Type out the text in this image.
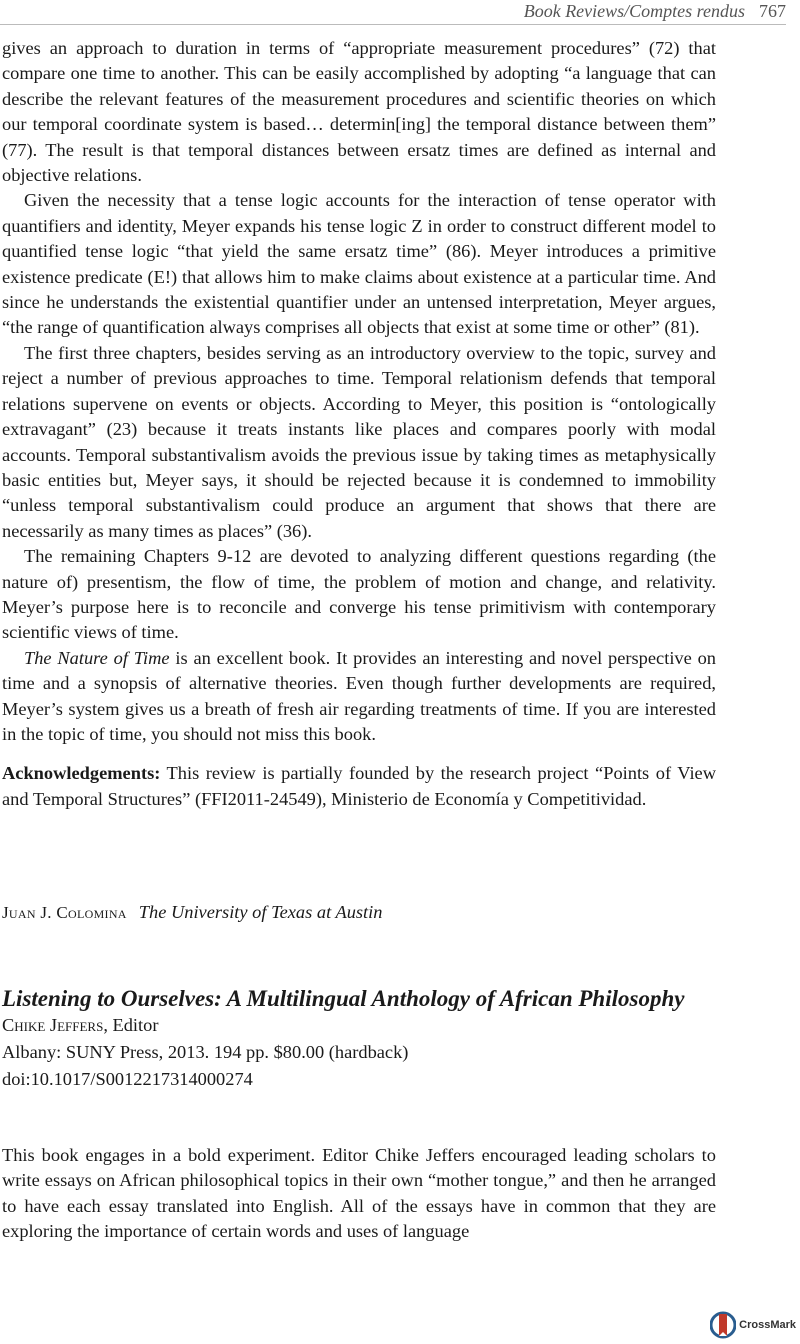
Book Reviews/Comptes rendus 767

gives an approach to duration in terms of “appropriate measurement procedures” (72) that compare one time to another. This can be easily accomplished by adopting “a language that can describe the relevant features of the measurement procedures and scientific theories on which our temporal coordinate system is based… determin[ing] the temporal distance between them” (77). The result is that temporal distances between ersatz times are defined as internal and objective relations.

Given the necessity that a tense logic accounts for the interaction of tense operator with quantifiers and identity, Meyer expands his tense logic Z in order to construct different model to quantified tense logic “that yield the same ersatz time” (86). Meyer introduces a primitive existence predicate (E!) that allows him to make claims about existence at a particular time. And since he understands the existential quantifier under an untensed interpretation, Meyer argues, “the range of quantification always comprises all objects that exist at some time or other” (81).

The first three chapters, besides serving as an introductory overview to the topic, survey and reject a number of previous approaches to time. Temporal relationism defends that temporal relations supervene on events or objects. According to Meyer, this position is “ontologically extravagant” (23) because it treats instants like places and compares poorly with modal accounts. Temporal substantivalism avoids the previous issue by taking times as metaphysically basic entities but, Meyer says, it should be rejected because it is condemned to immobility “unless temporal substantivalism could produce an argument that shows that there are necessarily as many times as places” (36).

The remaining Chapters 9-12 are devoted to analyzing different questions regarding (the nature of) presentism, the flow of time, the problem of motion and change, and relativity. Meyer’s purpose here is to reconcile and converge his tense primitivism with contemporary scientific views of time.

The Nature of Time is an excellent book. It provides an interesting and novel perspective on time and a synopsis of alternative theories. Even though further developments are required, Meyer’s system gives us a breath of fresh air regarding treatments of time. If you are interested in the topic of time, you should not miss this book.

Acknowledgements: This review is partially founded by the research project “Points of View and Temporal Structures” (FFI2011-24549), Ministerio de Economía y Competitividad.

Juan J. Colomina The University of Texas at Austin

Listening to Ourselves: A Multilingual Anthology of African Philosophy

Chike Jeffers, Editor

Albany: SUNY Press, 2013. 194 pp. $80.00 (hardback)

doi:10.1017/S0012217314000274

This book engages in a bold experiment. Editor Chike Jeffers encouraged leading scholars to write essays on African philosophical topics in their own “mother tongue,” and then he arranged to have each essay translated into English. All of the essays have in common that they are exploring the importance of certain words and uses of language

CrossMark
